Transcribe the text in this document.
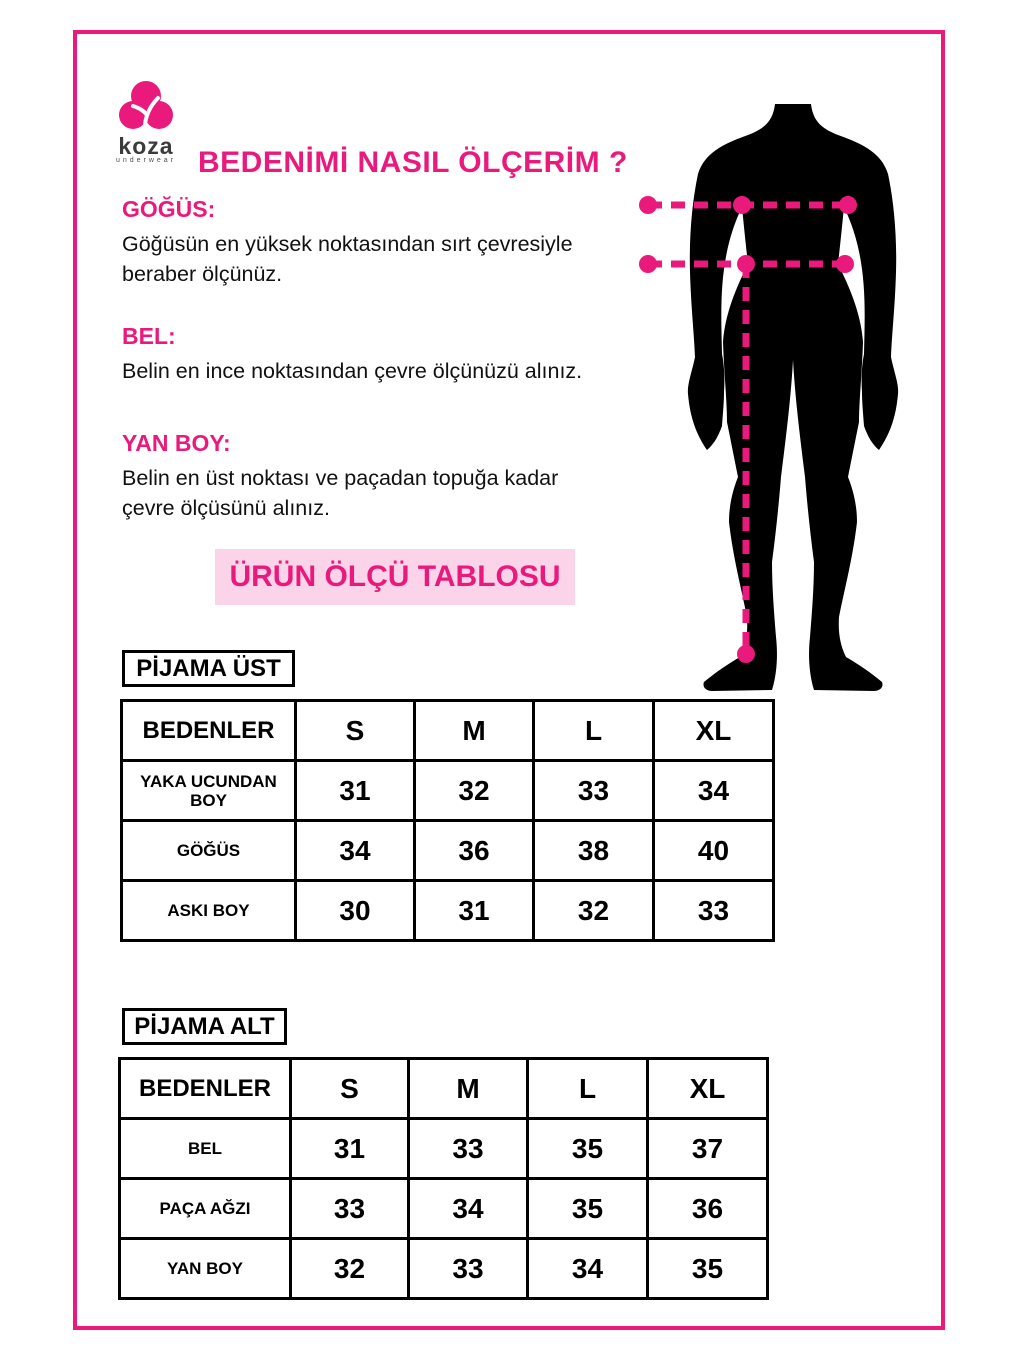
koza
underwear BEDENİMİ NASIL ÖLÇERİM ?

GÖĞÜS:

Göğüsün en yüksek noktasından sırt çevresiyle beraber ölçünüz.

BEL:

Belin en ince noktasından çevre ölçünüzü alınız.

YAN BOY:

Belin en üst noktası ve paçadan topuğa kadar çevre ölçüsünü alınız.

ÜRÜN ÖLÇÜ TABLOSU
PİJAMA ÜST
BEDENLER	S	M	L	XL
YAKA UCUNDAN BOY	31	32	33	34
GÖĞÜS	34	36	38	40
ASKI BOY	30	31	32	33
PİJAMA ALT
BEDENLER	S	M	L	XL
BEL	31	33	35	37
PAÇA AĞZI	33	34	35	36
YAN BOY	32	33	34	35
